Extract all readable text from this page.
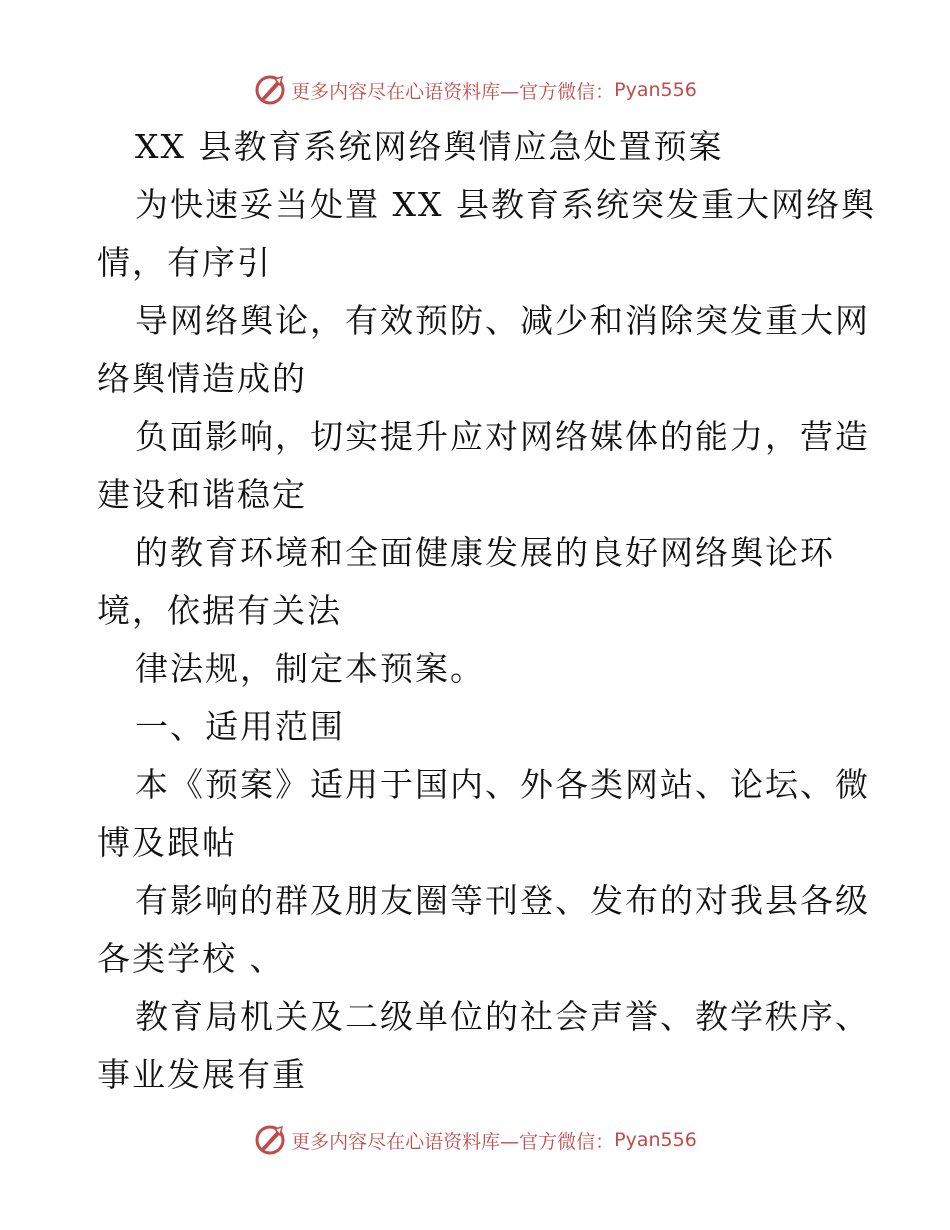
更多内容尽在心语资料库—官方微信： Pyan556
XX 县教育系统网络舆情应急处置预案
为快速妥当处置 XX 县教育系统突发重大网络舆
情，有序引
导网络舆论，有效预防、减少和消除突发重大网
络舆情造成的
负面影响，切实提升应对网络媒体的能力，营造
建设和谐稳定
的教育环境和全面健康发展的良好网络舆论环
境，依据有关法
律法规，制定本预案。
一、适用范围
本《预案》适用于国内、外各类网站、论坛、微
博及跟帖
有影响的群及朋友圈等刊登、发布的对我县各级
各类学校 、
教育局机关及二级单位的社会声誉、教学秩序、
事业发展有重
更多内容尽在心语资料库—官方微信： Pyan556
